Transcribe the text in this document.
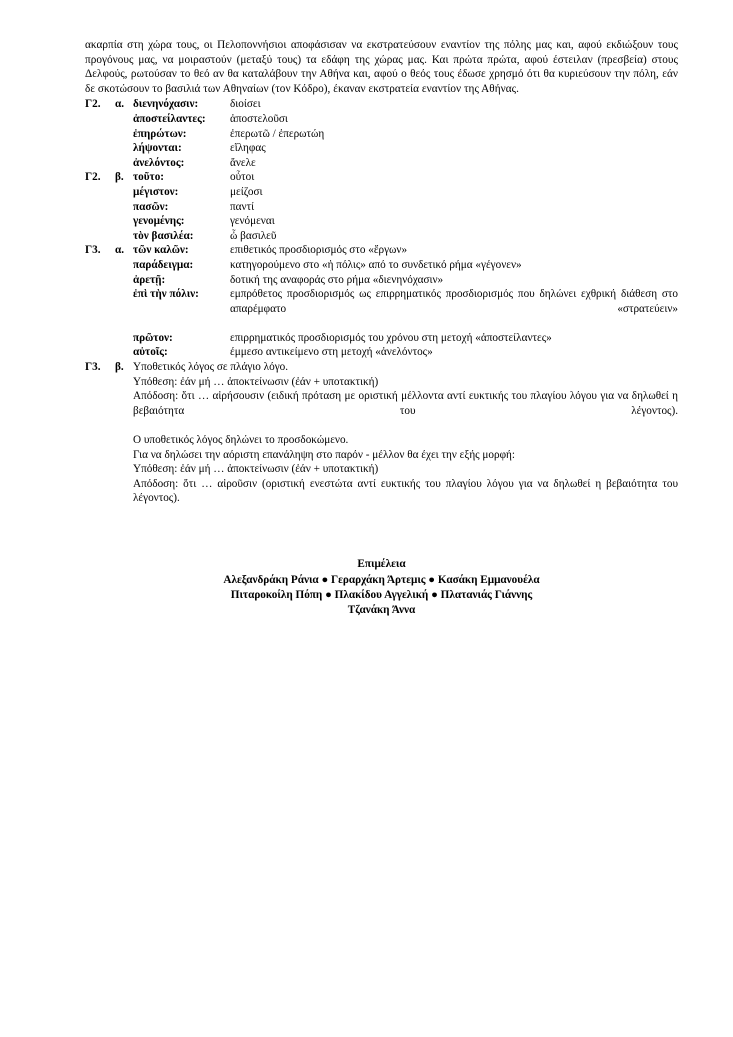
ακαρπία στη χώρα τους, οι Πελοποννήσιοι αποφάσισαν να εκστρατεύσουν εναντίον της πόλης μας και, αφού εκδιώξουν τους προγόνους μας, να μοιραστούν (μεταξύ τους) τα εδάφη της χώρας μας. Και πρώτα πρώτα, αφού έστειλαν (πρεσβεία) στους Δελφούς, ρωτούσαν το θεό αν θα καταλάβουν την Αθήνα και, αφού ο θεός τους έδωσε χρησμό ότι θα κυριεύσουν την πόλη, εάν δε σκοτώσουν το βασιλιά των Αθηναίων (τον Κόδρο), έκαναν εκστρατεία εναντίον της Αθήνας.

Γ2.	α. διενηνόχασιν:	διοίσει
ἀποστείλαντες:	ἀποστελοῦσι
ἐπηρώτων:	ἐπερωτῶ / ἐπερωτώη
λήψονται:	εἴληφας
ἀνελόντος:	ἄνελε
Γ2.	β. τοῦτο:	οὗτοι
μέγιστον:	μείζοσι
πασῶν:	παντί
γενομένης:	γενόμεναι
τὸν βασιλέα:	ὦ βασιλεῦ
Γ3.	α. τῶν καλῶν:	επιθετικός προσδιορισμός στο «ἔργων»
παράδειγμα:	κατηγορούμενο στο «ἡ πόλις» από το συνδετικό ρήμα «γέγονεν»
ἀρετῇ:	δοτική της αναφοράς στο ρήμα «διενηνόχασιν»
ἐπὶ τὴν πόλιν:	εμπρόθετος προσδιορισμός ως επιρρηματικός προσδιορισμός που δηλώνει εχθρική διάθεση στο απαρέμφατο «στρατεύειν»
πρῶτον:	επιρρηματικός προσδιορισμός του χρόνου στη μετοχή «ἀποστείλαντες»
αὐτοῖς:	έμμεσο αντικείμενο στη μετοχή «ἀνελόντος»
Γ3.	β. Υποθετικός λόγος σε πλάγιο λόγο.
Υπόθεση: ἐάν μή … ἀποκτείνωσιν (ἐάν + υποτακτική)
Απόδοση: ὅτι … αἱρήσουσιν (ειδική πρόταση με οριστική μέλλοντα αντί ευκτικής του πλαγίου λόγου για να δηλωθεί η βεβαιότητα του λέγοντος).
Ο υποθετικός λόγος δηλώνει το προσδοκώμενο.
Για να δηλώσει την αόριστη επανάληψη στο παρόν - μέλλον θα έχει την εξής μορφή:
Υπόθεση: ἐάν μή … ἀποκτείνωσιν (ἐάν + υποτακτική)
Απόδοση: ὅτι … αἱροῦσιν (οριστική ενεστώτα αντί ευκτικής του πλαγίου λόγου για να δηλωθεί η βεβαιότητα του λέγοντος).
Επιμέλεια
Αλεξανδράκη Ράνια ● Γεραρχάκη Άρτεμις ● Κασάκη Εμμανουέλα
Πιταροκοίλη Πόπη ● Πλακίδου Αγγελική ● Πλατανιάς Γιάννης
Τζανάκη Άννα
